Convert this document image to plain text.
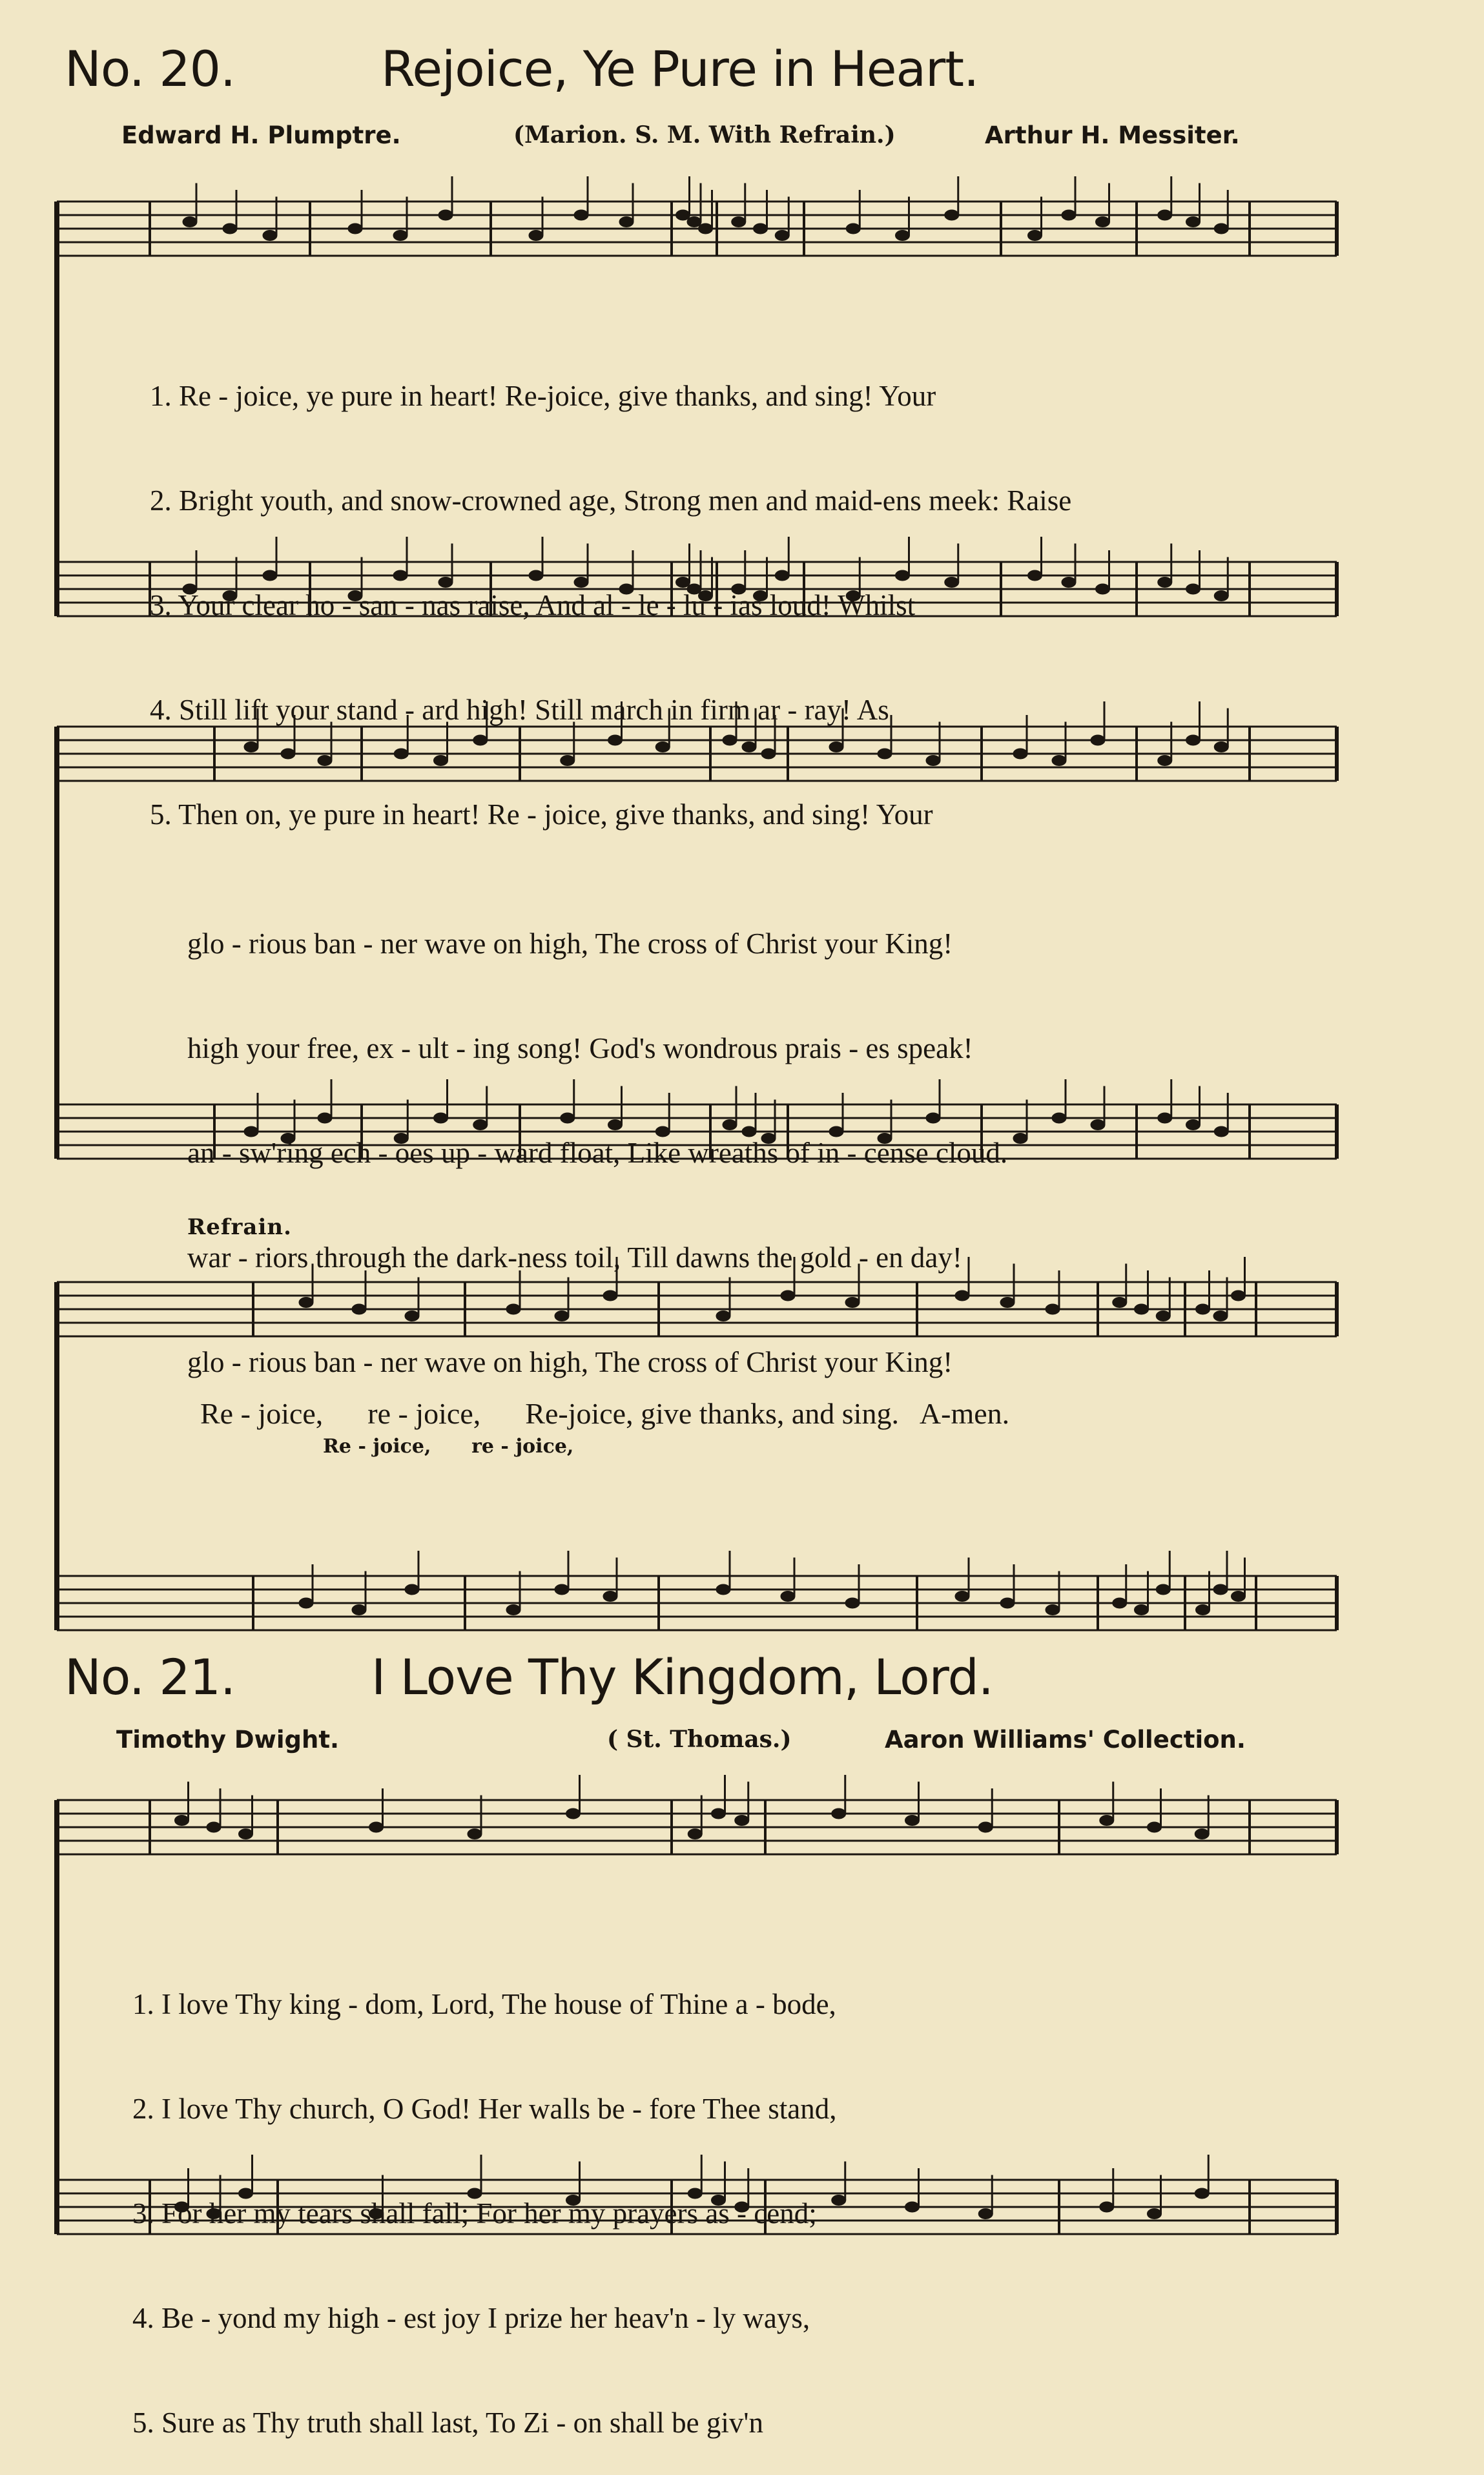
No. 20.	Rejoice, Ye Pure in Heart.
Edward H. Plumptre.	(Marion. S. M. With Refrain.)	Arthur H. Messiter.

1. Re - joice, ye pure in heart! Re-joice, give thanks, and sing! Your

2. Bright youth, and snow-crowned age, Strong men and maid-ens meek: Raise

3. Your clear ho - san - nas raise, And al - le - lu - ias loud! Whilst

4. Still lift your stand - ard high! Still march in firm ar - ray! As

5. Then on, ye pure in heart! Re - joice, give thanks, and sing! Your

glo - rious ban - ner wave on high, The cross of Christ your King!

high your free, ex - ult - ing song! God's wondrous prais - es speak!

an - sw'ring ech - oes up - ward float, Like wreaths of in - cense cloud.

war - riors through the dark-ness toil, Till dawns the gold - en day!

glo - rious ban - ner wave on high, The cross of Christ your King!

Refrain.
Re - joice,      re - joice,      Re-joice, give thanks, and sing.   A-men.
Re - joice,      re - joice,
No. 21.	I Love Thy Kingdom, Lord.
Timothy Dwight.	( St. Thomas.)	Aaron Williams' Collection.

1. I love Thy king - dom, Lord, The house of Thine a - bode,

2. I love Thy church, O God! Her walls be - fore Thee stand,

3. For her my tears shall fall; For her my prayers as - cend;

4. Be - yond my high - est joy I prize her heav'n - ly ways,

5. Sure as Thy truth shall last, To Zi - on shall be giv'n
